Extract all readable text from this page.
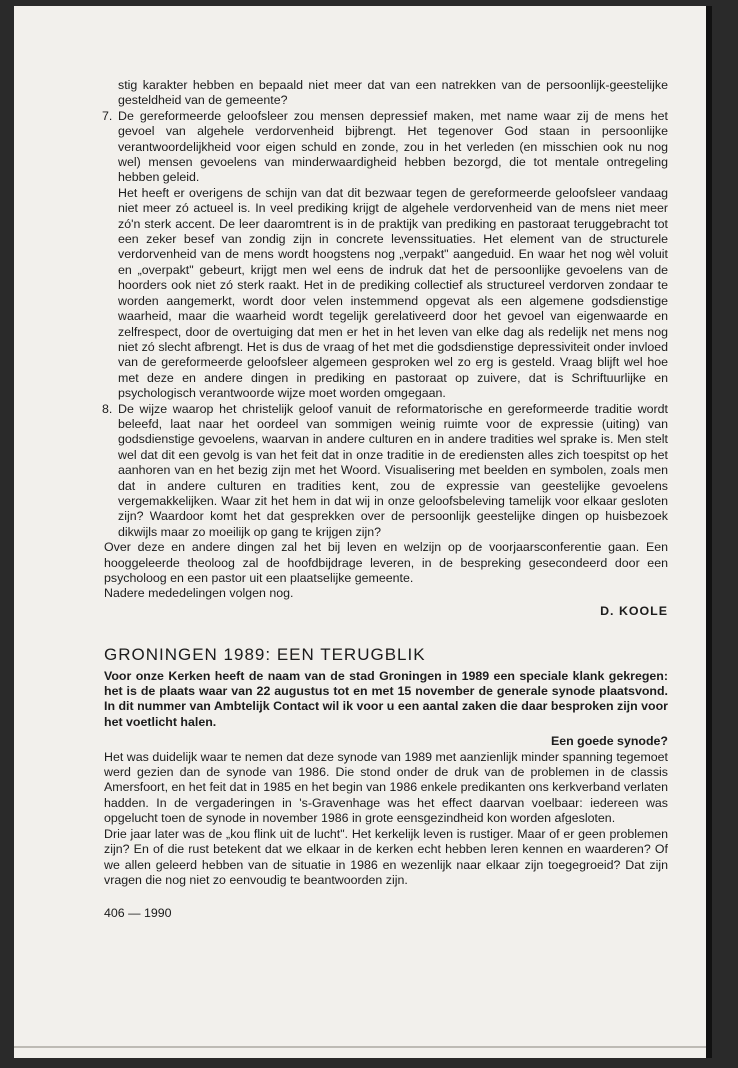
stig karakter hebben en bepaald niet meer dat van een natrekken van de persoonlijk-geestelijke gesteldheid van de gemeente?

7. De gereformeerde geloofsleer zou mensen depressief maken, met name waar zij de mens het gevoel van algehele verdorvenheid bijbrengt. Het tegenover God staan in persoonlijke verantwoordelijkheid voor eigen schuld en zonde, zou in het verleden (en misschien ook nu nog wel) mensen gevoelens van minderwaardigheid hebben bezorgd, die tot mentale ontregeling hebben geleid.

Het heeft er overigens de schijn van dat dit bezwaar tegen de gereformeerde geloofsleer vandaag niet meer zó actueel is. In veel prediking krijgt de algehele verdorvenheid van de mens niet meer zó'n sterk accent. De leer daaromtrent is in de praktijk van prediking en pastoraat teruggebracht tot een zeker besef van zondig zijn in concrete levenssituaties. Het element van de structurele verdorvenheid van de mens wordt hoogstens nog „verpakt" aangeduid. En waar het nog wèl voluit en „overpakt" gebeurt, krijgt men wel eens de indruk dat het de persoonlijke gevoelens van de hoorders ook niet zó sterk raakt. Het in de prediking collectief als structureel verdorven zondaar te worden aangemerkt, wordt door velen instemmend opgevat als een algemene godsdienstige waarheid, maar die waarheid wordt tegelijk gerelativeerd door het gevoel van eigenwaarde en zelfrespect, door de overtuiging dat men er het in het leven van elke dag als redelijk net mens nog niet zó slecht afbrengt. Het is dus de vraag of het met die godsdienstige depressiviteit onder invloed van de gereformeerde geloofsleer algemeen gesproken wel zo erg is gesteld. Vraag blijft wel hoe met deze en andere dingen in prediking en pastoraat op zuivere, dat is Schriftuurlijke en psychologisch verantwoorde wijze moet worden omgegaan.

8. De wijze waarop het christelijk geloof vanuit de reformatorische en gereformeerde traditie wordt beleefd, laat naar het oordeel van sommigen weinig ruimte voor de expressie (uiting) van godsdienstige gevoelens, waarvan in andere culturen en in andere tradities wel sprake is. Men stelt wel dat dit een gevolg is van het feit dat in onze traditie in de erediensten alles zich toespitst op het aanhoren van en het bezig zijn met het Woord. Visualisering met beelden en symbolen, zoals men dat in andere culturen en tradities kent, zou de expressie van geestelijke gevoelens vergemakkelijken. Waar zit het hem in dat wij in onze geloofsbeleving tamelijk voor elkaar gesloten zijn? Waardoor komt het dat gesprekken over de persoonlijk geestelijke dingen op huisbezoek dikwijls maar zo moeilijk op gang te krijgen zijn?

Over deze en andere dingen zal het bij leven en welzijn op de voorjaarsconferentie gaan. Een hooggeleerde theoloog zal de hoofdbijdrage leveren, in de bespreking gesecondeerd door een psycholoog en een pastor uit een plaatselijke gemeente.

Nadere mededelingen volgen nog.

D. KOOLE

GRONINGEN 1989: EEN TERUGBLIK

Voor onze Kerken heeft de naam van de stad Groningen in 1989 een speciale klank gekregen: het is de plaats waar van 22 augustus tot en met 15 november de generale synode plaatsvond. In dit nummer van Ambtelijk Contact wil ik voor u een aantal zaken die daar besproken zijn voor het voetlicht halen.

Een goede synode?

Het was duidelijk waar te nemen dat deze synode van 1989 met aanzienlijk minder spanning tegemoet werd gezien dan de synode van 1986. Die stond onder de druk van de problemen in de classis Amersfoort, en het feit dat in 1985 en het begin van 1986 enkele predikanten ons kerkverband verlaten hadden. In de vergaderingen in 's-Gravenhage was het effect daarvan voelbaar: iedereen was opgelucht toen de synode in november 1986 in grote eensgezindheid kon worden afgesloten.

Drie jaar later was de „kou flink uit de lucht". Het kerkelijk leven is rustiger. Maar of er geen problemen zijn? En of die rust betekent dat we elkaar in de kerken echt hebben leren kennen en waarderen? Of we allen geleerd hebben van de situatie in 1986 en wezenlijk naar elkaar zijn toegegroeid? Dat zijn vragen die nog niet zo eenvoudig te beantwoorden zijn.

406 — 1990
